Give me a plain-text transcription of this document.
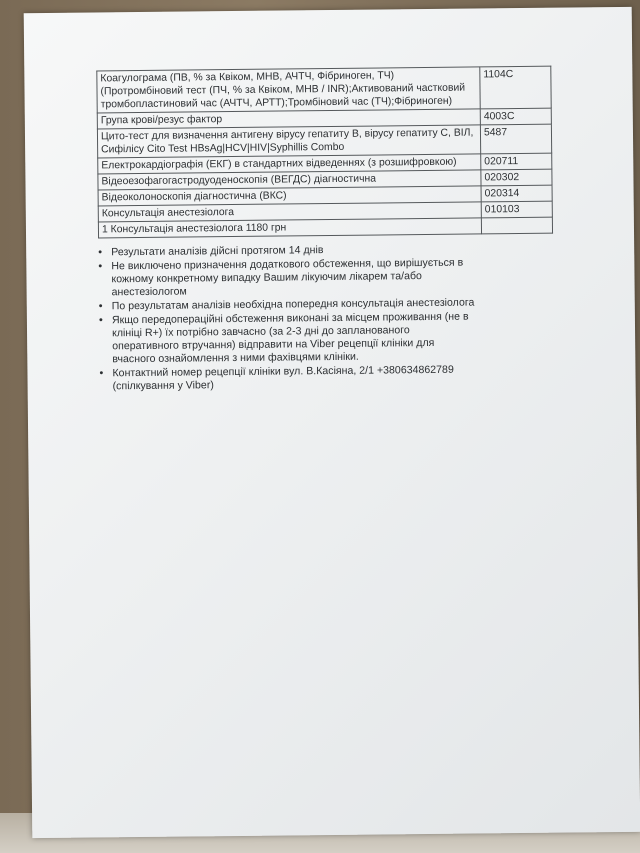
Коагулограма (ПВ, % за Квіком, МНВ, АЧТЧ, Фібриноген, ТЧ) (Протромбіновий тест (ПЧ, % за Квіком, МНВ / INR);Активований частковий тромбопластиновий час (АЧТЧ, АРТТ);Тромбіновий час (ТЧ);Фібриноген)	1104C
Група крові/резус фактор	4003C
Цито-тест для визначення антигену вірусу гепатиту В, вірусу гепатиту С, ВІЛ, Сифілісу Cito Test HBsAg|HCV|HIV|Syphillis Combo	5487
Електрокардіографія (ЕКГ) в стандартних відведеннях (з розшифровкою)	020711
Відеоезофагогастродуоденоскопія (ВЕГДС) діагностична	020302
Відеоколоноскопія діагностична (ВКС)	020314
Консультація анестезіолога	010103
1 Консультація анестезіолога 1180 грн	
• Результати аналізів дійсні протягом 14 днів
• Не виключено призначення додаткового обстеження, що вирішується в кожному конкретному випадку Вашим лікуючим лікарем та/або анестезіологом
• По результатам аналізів необхідна попередня консультація анестезіолога
• Якщо передопераційні обстеження виконані за місцем проживання (не в клініці R+) їх потрібно завчасно (за 2-3 дні до запланованого оперативного втручання) відправити на Viber рецепції клініки для вчасного ознайомлення з ними фахівцями клініки.
• Контактний номер рецепції клініки вул. В.Касіяна, 2/1 +380634862789 (спілкування у Viber)
